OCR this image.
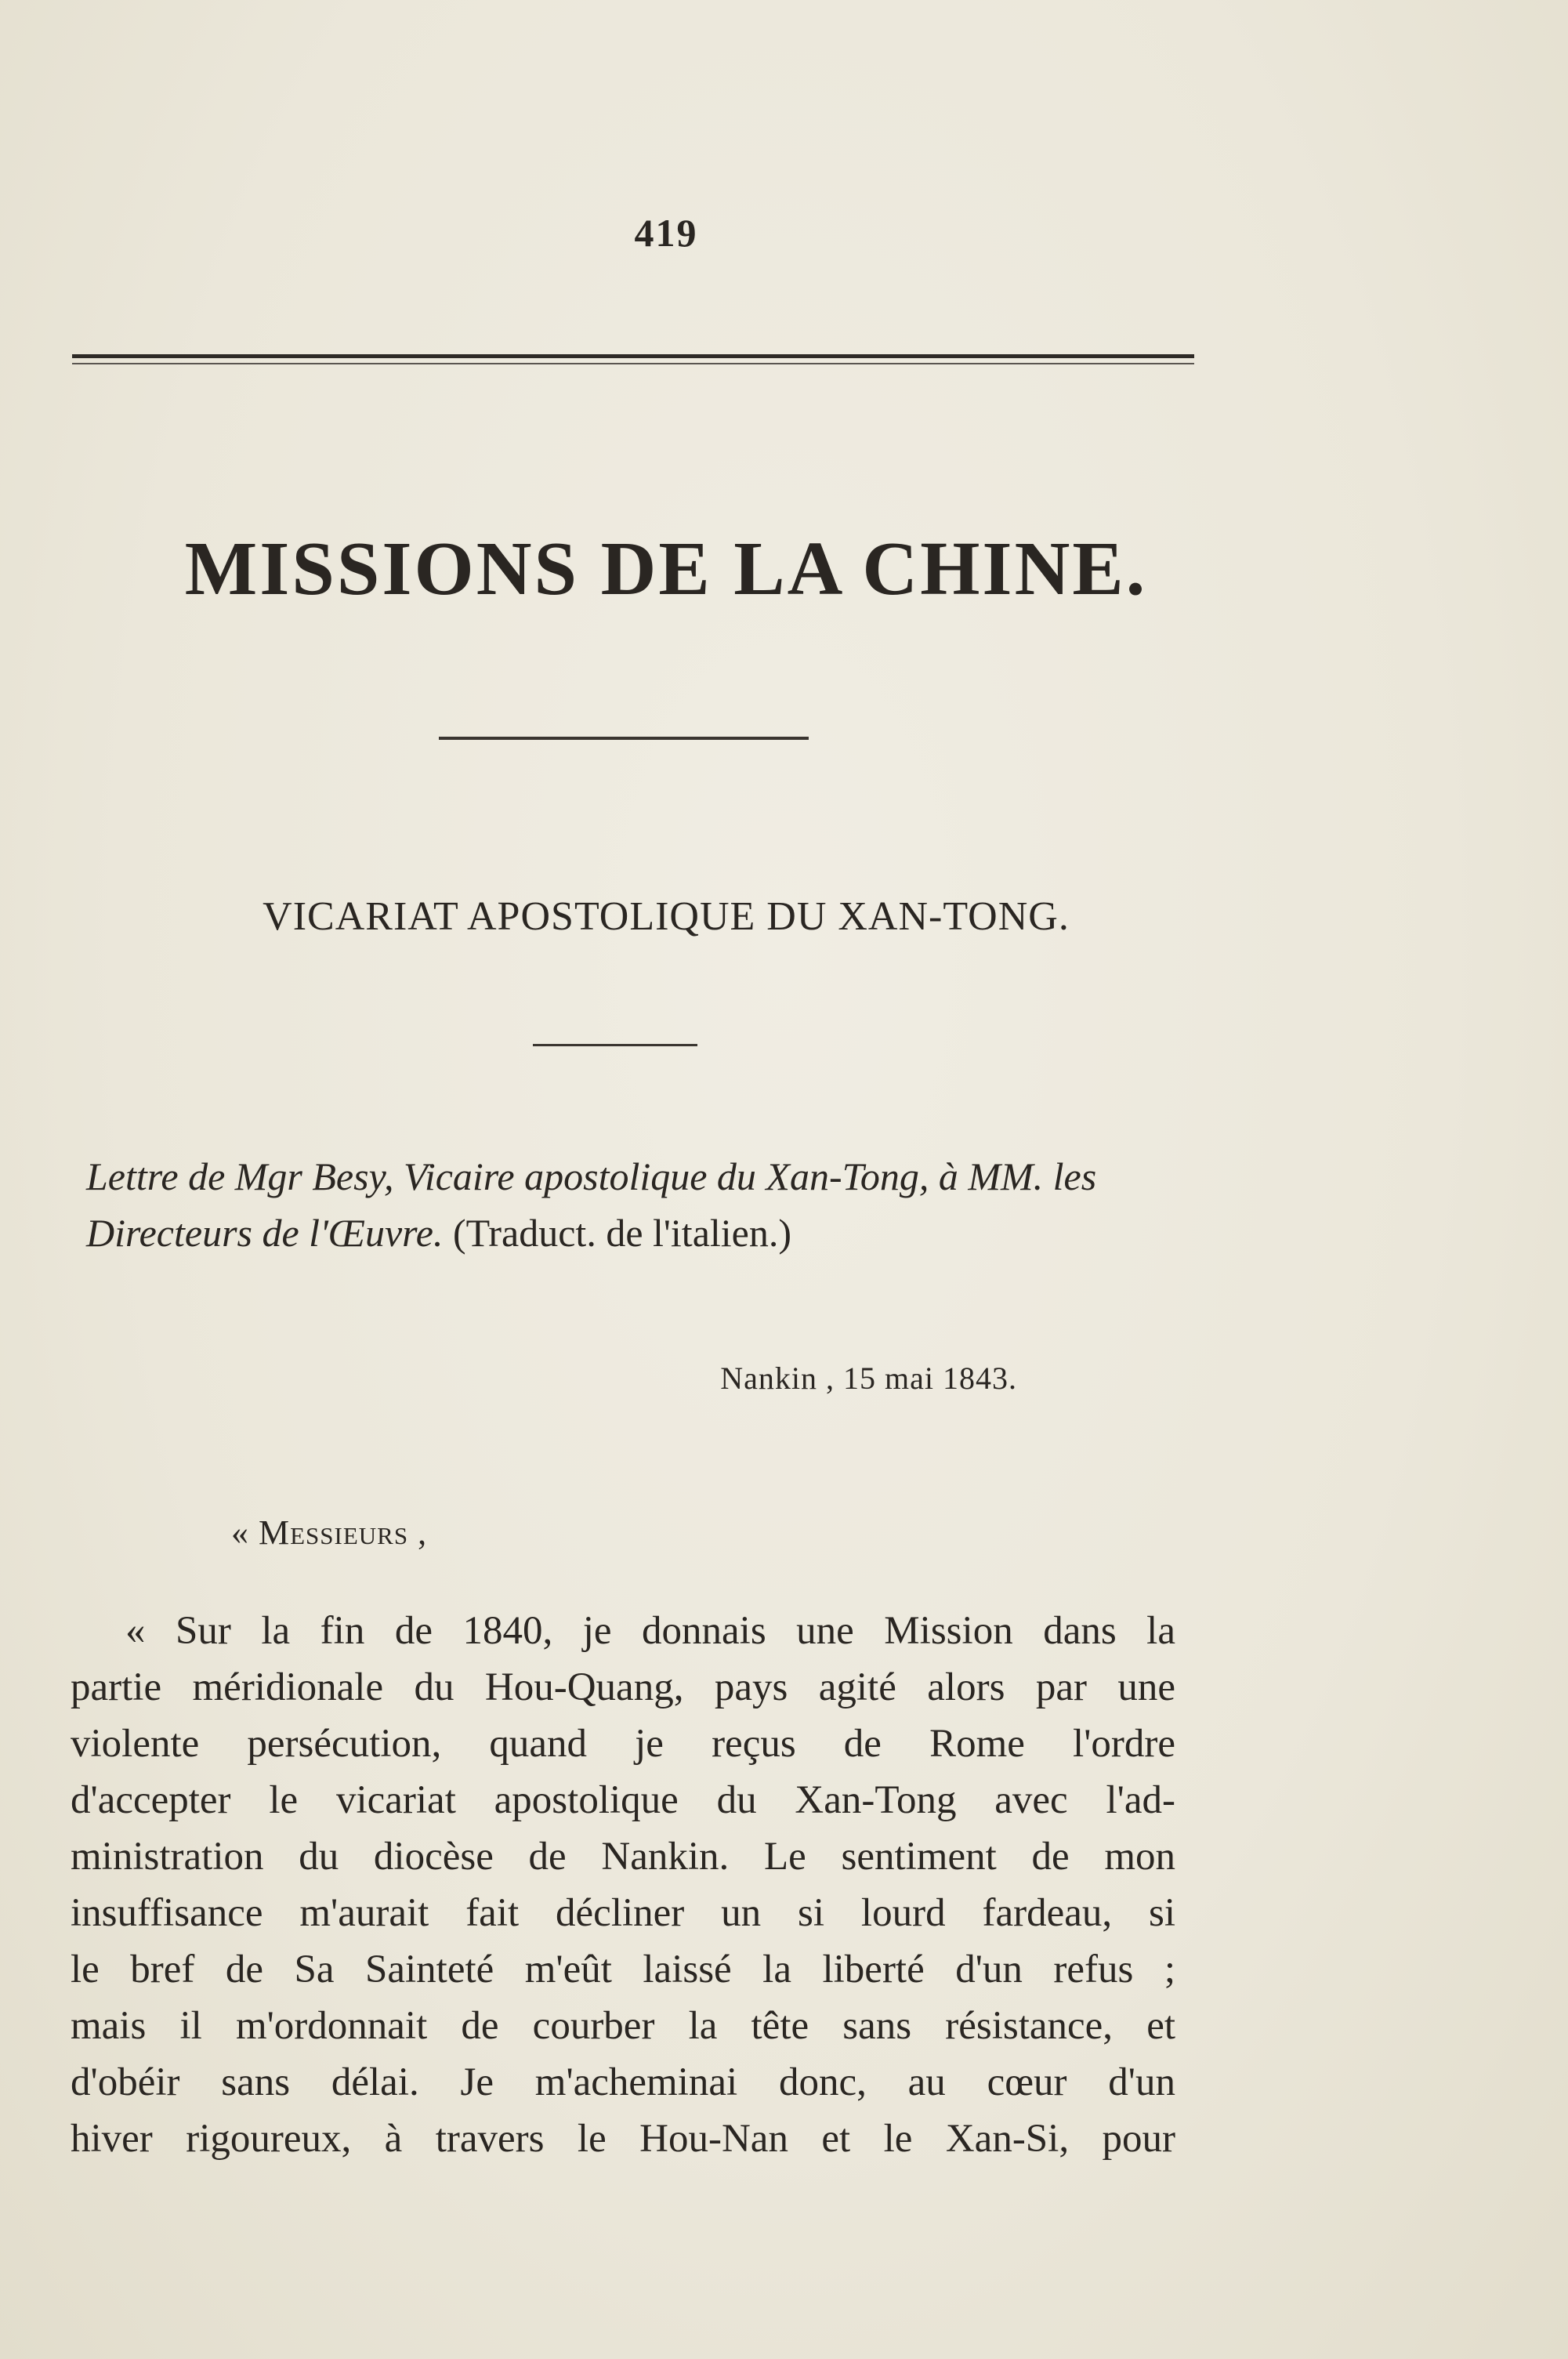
419
MISSIONS DE LA CHINE.
VICARIAT APOSTOLIQUE DU XAN-TONG.
Lettre de Mgr Besy, Vicaire apostolique du Xan-Tong, à MM. les Directeurs de l'Œuvre. (Traduct. de l'italien.)
Nankin , 15 mai 1843.
« Messieurs ,
« Sur la fin de 1840, je donnais une Mission dans la
partie méridionale du Hou-Quang, pays agité alors par une
violente persécution, quand je reçus de Rome l'ordre
d'accepter le vicariat apostolique du Xan-Tong avec l'ad-
ministration du diocèse de Nankin. Le sentiment de mon
insuffisance m'aurait fait décliner un si lourd fardeau, si
le bref de Sa Sainteté m'eût laissé la liberté d'un refus ;
mais il m'ordonnait de courber la tête sans résistance, et
d'obéir sans délai. Je m'acheminai donc, au cœur d'un
hiver rigoureux, à travers le Hou-Nan et le Xan-Si, pour
